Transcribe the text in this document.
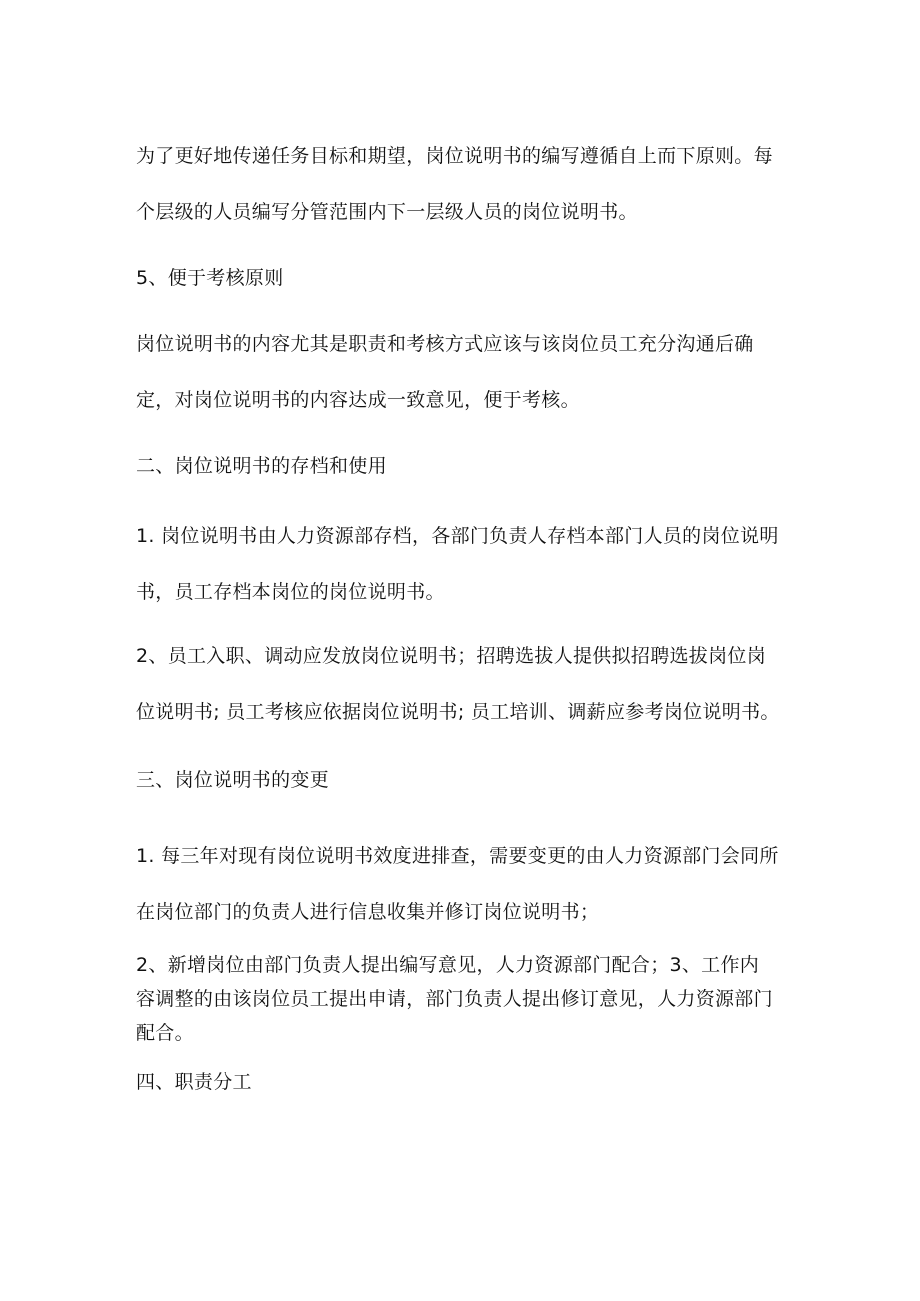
为了更好地传递任务目标和期望，岗位说明书的编写遵循自上而下原则。每
个层级的人员编写分管范围内下一层级人员的岗位说明书。
5、便于考核原则
岗位说明书的内容尤其是职责和考核方式应该与该岗位员工充分沟通后确
定，对岗位说明书的内容达成一致意见，便于考核。
二、岗位说明书的存档和使用
1. 岗位说明书由人力资源部存档，各部门负责人存档本部门人员的岗位说明
书，员工存档本岗位的岗位说明书。
2、员工入职、调动应发放岗位说明书；招聘选拔人提供拟招聘选拔岗位岗
位说明书; 员工考核应依据岗位说明书; 员工培训、调薪应参考岗位说明书。
三、岗位说明书的变更
1. 每三年对现有岗位说明书效度进排查，需要变更的由人力资源部门会同所
在岗位部门的负责人进行信息收集并修订岗位说明书；
2、新增岗位由部门负责人提出编写意见，人力资源部门配合；3、工作内
容调整的由该岗位员工提出申请，部门负责人提出修订意见，人力资源部门
配合。
四、职责分工
